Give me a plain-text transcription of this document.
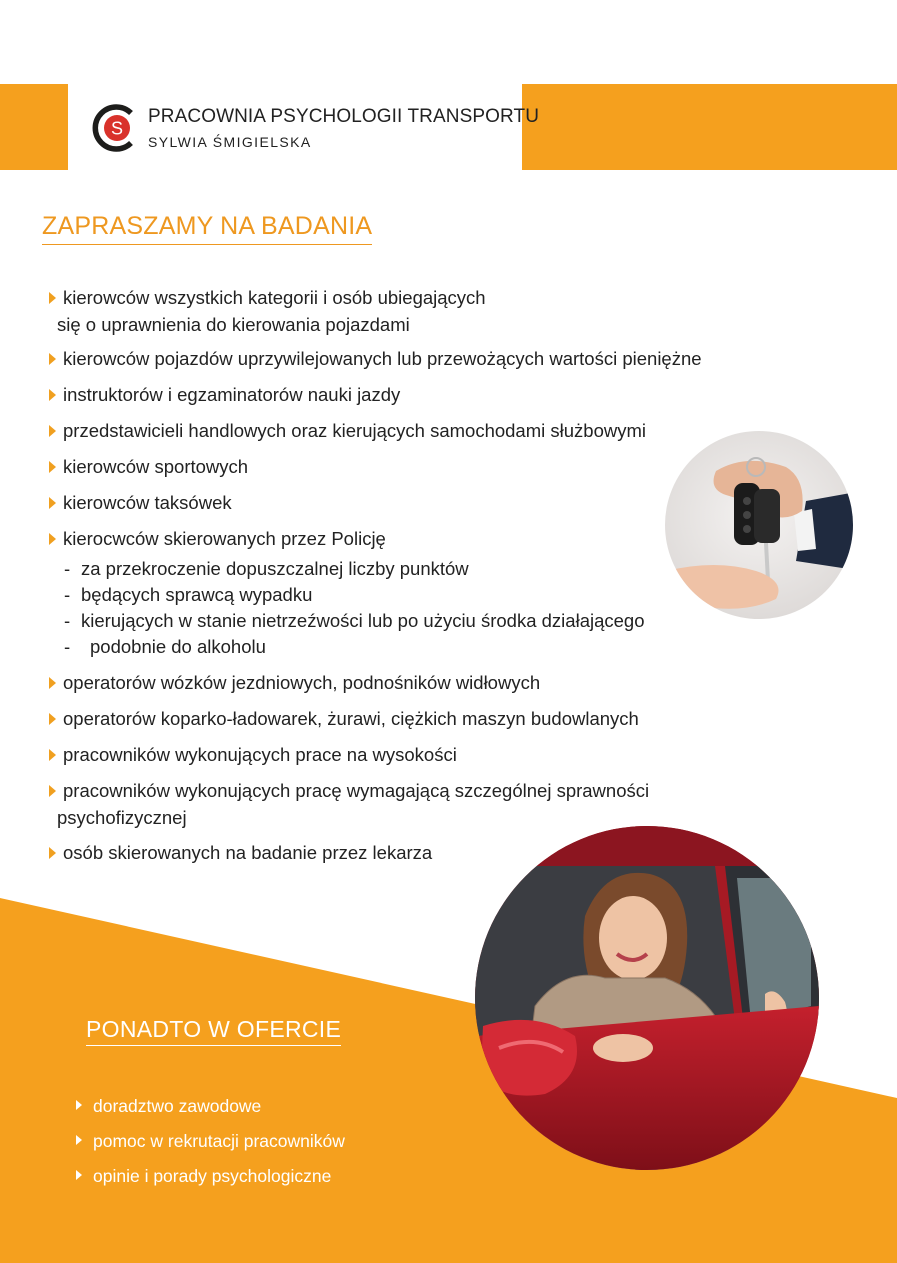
S
PRACOWNIA PSYCHOLOGII TRANSPORTU
SYLWIA ŚMIGIELSKA
ZAPRASZAMY NA BADANIA
kierowców wszystkich kategorii i osób ubiegających
się o uprawnienia do kierowania pojazdami
kierowców pojazdów uprzywilejowanych lub przewożących wartości pieniężne
instruktorów i egzaminatorów nauki jazdy
przedstawicieli handlowych oraz kierujących samochodami służbowymi
kierowców sportowych
kierowców taksówek
kierocwców skierowanych przez Policję
- za przekroczenie dopuszczalnej liczby punktów
- będących sprawcą wypadku
- kierujących w stanie nietrzeźwości lub po użyciu środka działającego
- podobnie do alkoholu
operatorów wózków jezdniowych, podnośników widłowych
operatorów koparko-ładowarek, żurawi, ciężkich maszyn budowlanych
pracowników wykonujących prace na wysokości
pracowników wykonujących pracę wymagającą szczególnej sprawności
psychofizycznej
osób skierowanych na badanie przez lekarza
PONADTO W OFERCIE
doradztwo zawodowe
pomoc w rekrutacji pracowników
opinie i porady psychologiczne
